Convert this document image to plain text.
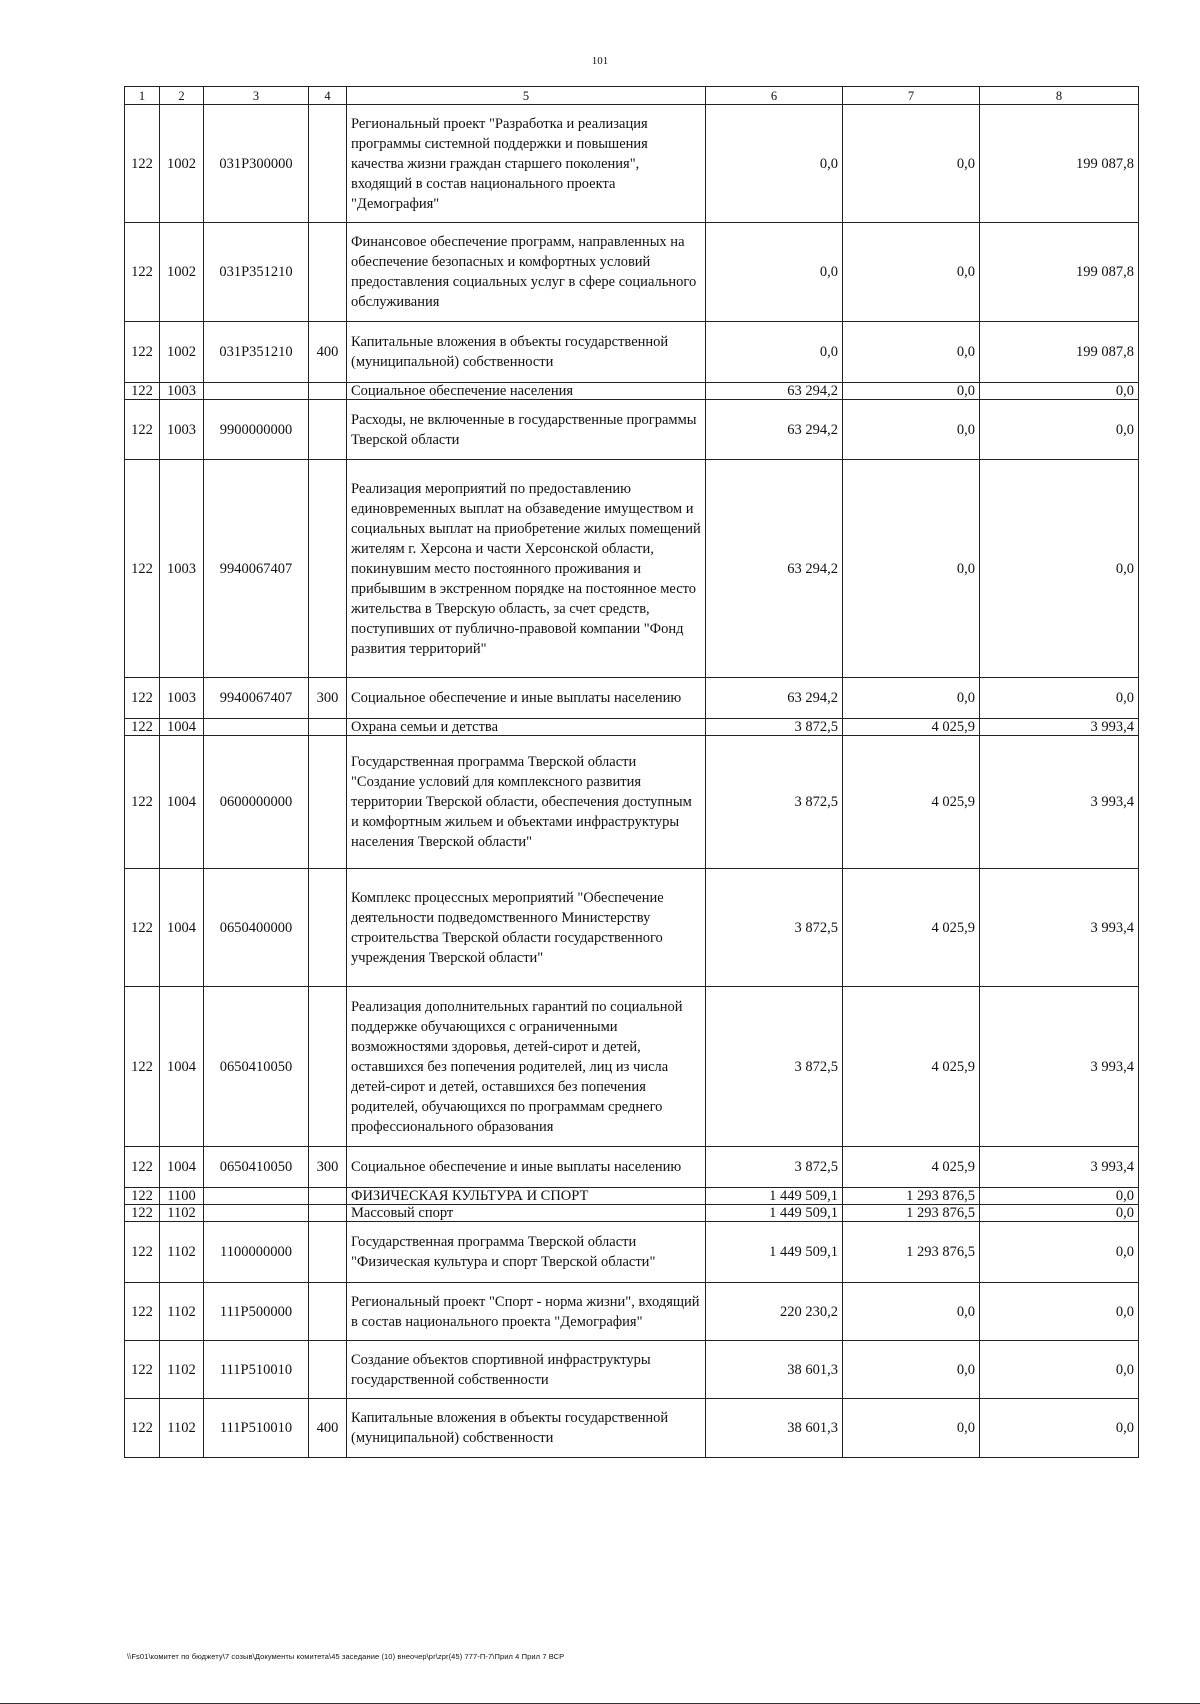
101
1	2	3	4	5	6	7	8
122	1002	031P300000		Региональный проект "Разработка и реализация программы системной поддержки и повышения качества жизни граждан старшего поколения", входящий в состав национального проекта "Демография"	0,0	0,0	199 087,8
122	1002	031P351210		Финансовое обеспечение программ, направленных на обеспечение безопасных и комфортных условий предоставления социальных услуг в сфере социального обслуживания	0,0	0,0	199 087,8
122	1002	031P351210	400	Капитальные вложения в объекты государственной (муниципальной) собственности	0,0	0,0	199 087,8
122	1003			Социальное обеспечение населения	63 294,2	0,0	0,0
122	1003	9900000000		Расходы, не включенные в государственные программы Тверской области	63 294,2	0,0	0,0
122	1003	9940067407		Реализация мероприятий по предоставлению единовременных выплат на обзаведение имуществом и социальных выплат на приобретение жилых помещений жителям г. Херсона и части Херсонской области, покинувшим место постоянного проживания и прибывшим в экстренном порядке на постоянное место жительства в Тверскую область, за счет средств, поступивших от публично-правовой компании "Фонд развития территорий"	63 294,2	0,0	0,0
122	1003	9940067407	300	Социальное обеспечение и иные выплаты населению	63 294,2	0,0	0,0
122	1004			Охрана семьи и детства	3 872,5	4 025,9	3 993,4
122	1004	0600000000		Государственная программа Тверской области "Создание условий для комплексного развития территории Тверской области, обеспечения доступным и комфортным жильем и объектами инфраструктуры населения Тверской области"	3 872,5	4 025,9	3 993,4
122	1004	0650400000		Комплекс процессных мероприятий "Обеспечение деятельности подведомственного Министерству строительства Тверской области государственного учреждения Тверской области"	3 872,5	4 025,9	3 993,4
122	1004	0650410050		Реализация дополнительных гарантий по социальной поддержке обучающихся с ограниченными возможностями здоровья, детей-сирот и детей, оставшихся без попечения родителей, лиц из числа детей-сирот и детей, оставшихся без попечения родителей, обучающихся по программам среднего профессионального образования	3 872,5	4 025,9	3 993,4
122	1004	0650410050	300	Социальное обеспечение и иные выплаты населению	3 872,5	4 025,9	3 993,4
122	1100			ФИЗИЧЕСКАЯ КУЛЬТУРА И СПОРТ	1 449 509,1	1 293 876,5	0,0
122	1102			Массовый спорт	1 449 509,1	1 293 876,5	0,0
122	1102	1100000000		Государственная программа Тверской области "Физическая культура и спорт Тверской области"	1 449 509,1	1 293 876,5	0,0
122	1102	111P500000		Региональный проект "Спорт - норма жизни", входящий в состав национального проекта "Демография"	220 230,2	0,0	0,0
122	1102	111P510010		Создание объектов спортивной инфраструктуры государственной собственности	38 601,3	0,0	0,0
122	1102	111P510010	400	Капитальные вложения в объекты государственной (муниципальной) собственности	38 601,3	0,0	0,0
\\Fs01\комитет по бюджету\7 созыв\Документы комитета\45 заседание (10) внеочер\pr\zpr(45) 777-П-7\Прил 4 Прил 7 ВСР
